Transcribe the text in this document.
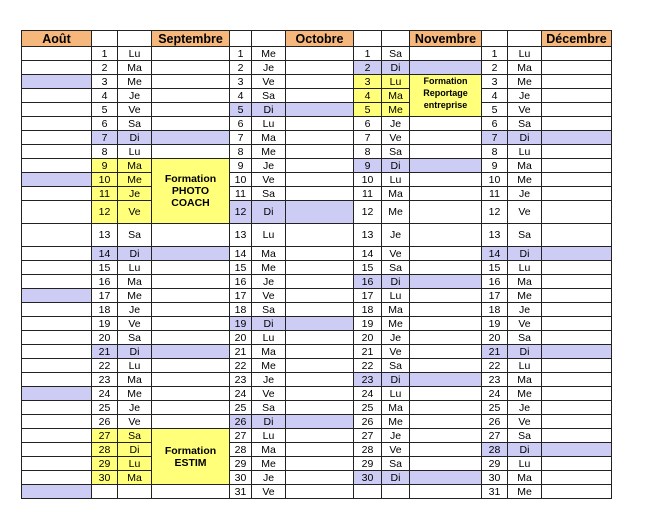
Août			Septembre			Octobre			Novembre			Décembre
	1	Lu		1	Me		1	Sa		1	Lu	
	2	Ma		2	Je		2	Di		2	Ma	
	3	Me		3	Ve		3	Lu	Formation Reportage entreprise	3	Me	
	4	Je		4	Sa		4	Ma		4	Je	
	5	Ve		5	Di		5	Me		5	Ve	
	6	Sa		6	Lu		6	Je		6	Sa	
	7	Di		7	Ma		7	Ve		7	Di	
	8	Lu		8	Me		8	Sa		8	Lu	
	9	Ma	Formation PHOTO COACH	9	Je		9	Di		9	Ma	
	10	Me		10	Ve		10	Lu		10	Me	
	11	Je		11	Sa		11	Ma		11	Je	
	12	Ve		12	Di		12	Me		12	Ve	
	13	Sa		13	Lu		13	Je		13	Sa	
	14	Di		14	Ma		14	Ve		14	Di	
	15	Lu		15	Me		15	Sa		15	Lu	
	16	Ma		16	Je		16	Di		16	Ma	
	17	Me		17	Ve		17	Lu		17	Me	
	18	Je		18	Sa		18	Ma		18	Je	
	19	Ve		19	Di		19	Me		19	Ve	
	20	Sa		20	Lu		20	Je		20	Sa	
	21	Di		21	Ma		21	Ve		21	Di	
	22	Lu		22	Me		22	Sa		22	Lu	
	23	Ma		23	Je		23	Di		23	Ma	
	24	Me		24	Ve		24	Lu		24	Me	
	25	Je		25	Sa		25	Ma		25	Je	
	26	Ve		26	Di		26	Me		26	Ve	
	27	Sa	Formation ESTIM	27	Lu		27	Je		27	Sa	
	28	Di		28	Ma		28	Ve		28	Di	
	29	Lu		29	Me		29	Sa		29	Lu	
	30	Ma		30	Je		30	Di		30	Ma	
				31	Ve					31	Me	
